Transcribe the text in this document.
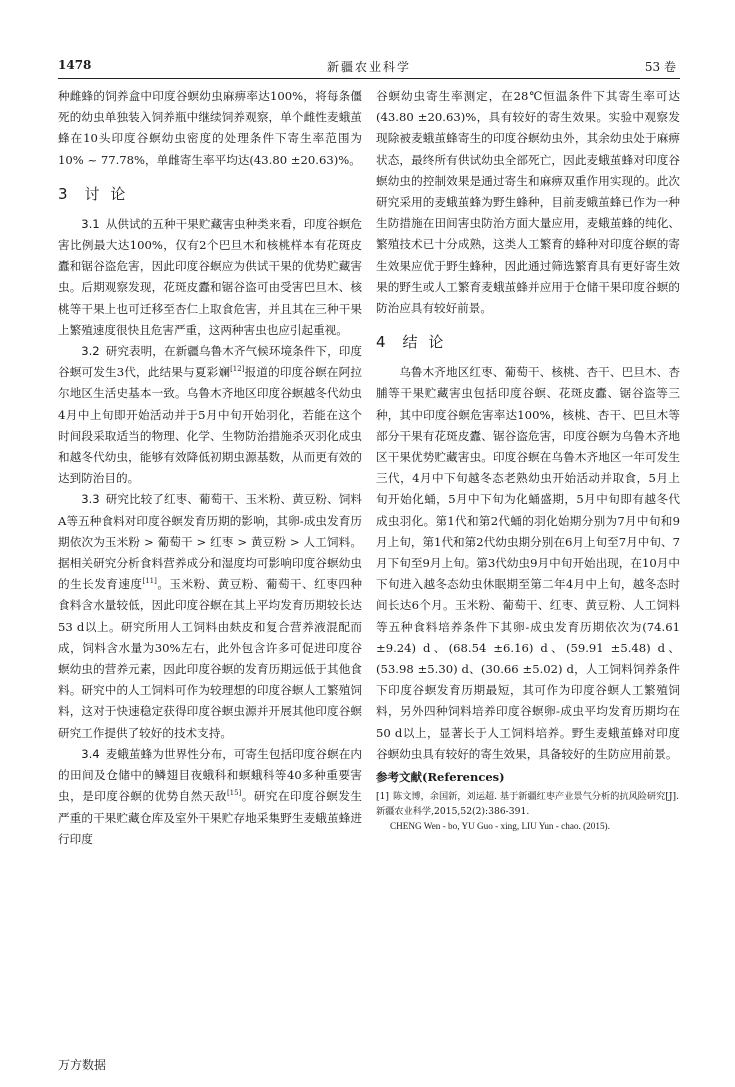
1478	新疆农业科学	53 卷

种雌蜂的饲养盒中印度谷螟幼虫麻痹率达100%，将每条僵死的幼虫单独装入饲养瓶中继续饲养观察，单个雌性麦蛾茧蜂在10头印度谷螟幼虫密度的处理条件下寄生率范围为10% ~ 77.78%，单雌寄生率平均达(43.80 ±20.63)%。

3 讨 论

3.1 从供试的五种干果贮藏害虫种类来看，印度谷螟危害比例最大达100%，仅有2个巴旦木和核桃样本有花斑皮蠹和锯谷盗危害，因此印度谷螟应为供试干果的优势贮藏害虫。后期观察发现，花斑皮蠹和锯谷盗可由受害巴旦木、核桃等干果上也可迁移至杏仁上取食危害，并且其在三种干果上繁殖速度很快且危害严重，这两种害虫也应引起重视。

3.2 研究表明，在新疆乌鲁木齐气候环境条件下，印度谷螟可发生3代，此结果与夏彩斓[12]报道的印度谷螟在阿拉尔地区生活史基本一致。乌鲁木齐地区印度谷螟越冬代幼虫4月中上旬即开始活动并于5月中旬开始羽化，若能在这个时间段采取适当的物理、化学、生物防治措施杀灭羽化成虫和越冬代幼虫，能够有效降低初期虫源基数，从而更有效的达到防治目的。

3.3 研究比较了红枣、葡萄干、玉米粉、黄豆粉、饲料A等五种食料对印度谷螟发育历期的影响，其卵-成虫发育历期依次为玉米粉 > 葡萄干 > 红枣 > 黄豆粉 > 人工饲料。据相关研究分析食料营养成分和湿度均可影响印度谷螟幼虫的生长发育速度[11]。玉米粉、黄豆粉、葡萄干、红枣四种食料含水量较低，因此印度谷螟在其上平均发育历期较长达53 d以上。研究所用人工饲料由麸皮和复合营养液混配而成，饲料含水量为30%左右，此外包含许多可促进印度谷螟幼虫的营养元素，因此印度谷螟的发育历期远低于其他食料。研究中的人工饲料可作为较理想的印度谷螟人工繁殖饲料，这对于快速稳定获得印度谷螟虫源并开展其他印度谷螟研究工作提供了较好的技术支持。

3.4 麦蛾茧蜂为世界性分布，可寄生包括印度谷螟在内的田间及仓储中的鳞翅目夜蛾科和螟蛾科等40多种重要害虫，是印度谷螟的优势自然天敌[15]。研究在印度谷螟发生严重的干果贮藏仓库及室外干果贮存地采集野生麦蛾茧蜂进行印度

谷螟幼虫寄生率测定，在28℃恒温条件下其寄生率可达(43.80 ±20.63)%，具有较好的寄生效果。实验中观察发现除被麦蛾茧蜂寄生的印度谷螟幼虫外，其余幼虫处于麻痹状态，最终所有供试幼虫全部死亡，因此麦蛾茧蜂对印度谷螟幼虫的控制效果是通过寄生和麻痹双重作用实现的。此次研究采用的麦蛾茧蜂为野生蜂种，目前麦蛾茧蜂已作为一种生防措施在田间害虫防治方面大量应用，麦蛾茧蜂的纯化、繁殖技术已十分成熟，这类人工繁育的蜂种对印度谷螟的寄生效果应优于野生蜂种，因此通过筛选繁育具有更好寄生效果的野生或人工繁育麦蛾茧蜂并应用于仓储干果印度谷螟的防治应具有较好前景。

4 结 论

乌鲁木齐地区红枣、葡萄干、核桃、杏干、巴旦木、杏脯等干果贮藏害虫包括印度谷螟、花斑皮蠹、锯谷盗等三种，其中印度谷螟危害率达100%，核桃、杏干、巴旦木等部分干果有花斑皮蠹、锯谷盗危害，印度谷螟为乌鲁木齐地区干果优势贮藏害虫。印度谷螟在乌鲁木齐地区一年可发生三代，4月中下旬越冬态老熟幼虫开始活动并取食，5月上旬开始化蛹，5月中下旬为化蛹盛期，5月中旬即有越冬代成虫羽化。第1代和第2代蛹的羽化始期分别为7月中旬和9月上旬，第1代和第2代幼虫期分别在6月上旬至7月中旬、7月下旬至9月上旬。第3代幼虫9月中旬开始出现，在10月中下旬进入越冬态幼虫休眠期至第二年4月中上旬，越冬态时间长达6个月。玉米粉、葡萄干、红枣、黄豆粉、人工饲料等五种食料培养条件下其卵-成虫发育历期依次为(74.61 ±9.24) d、(68.54 ±6.16) d、(59.91 ±5.48) d、(53.98 ±5.30) d、(30.66 ±5.02) d，人工饲料饲养条件下印度谷螟发育历期最短，其可作为印度谷螟人工繁殖饲料，另外四种饲料培养印度谷螟卵-成虫平均发育历期均在50 d以上，显著长于人工饲料培养。野生麦蛾茧蜂对印度谷螟幼虫具有较好的寄生效果，具备较好的生防应用前景。

参考文献(References)
[1] 陈文博，余国新，刘运超. 基于新疆红枣产业景气分析的抗风险研究[J]. 新疆农业科学,2015,52(2):386-391.
CHENG Wen - bo, YU Guo - xing, LIU Yun - chao. (2015).
万方数据
